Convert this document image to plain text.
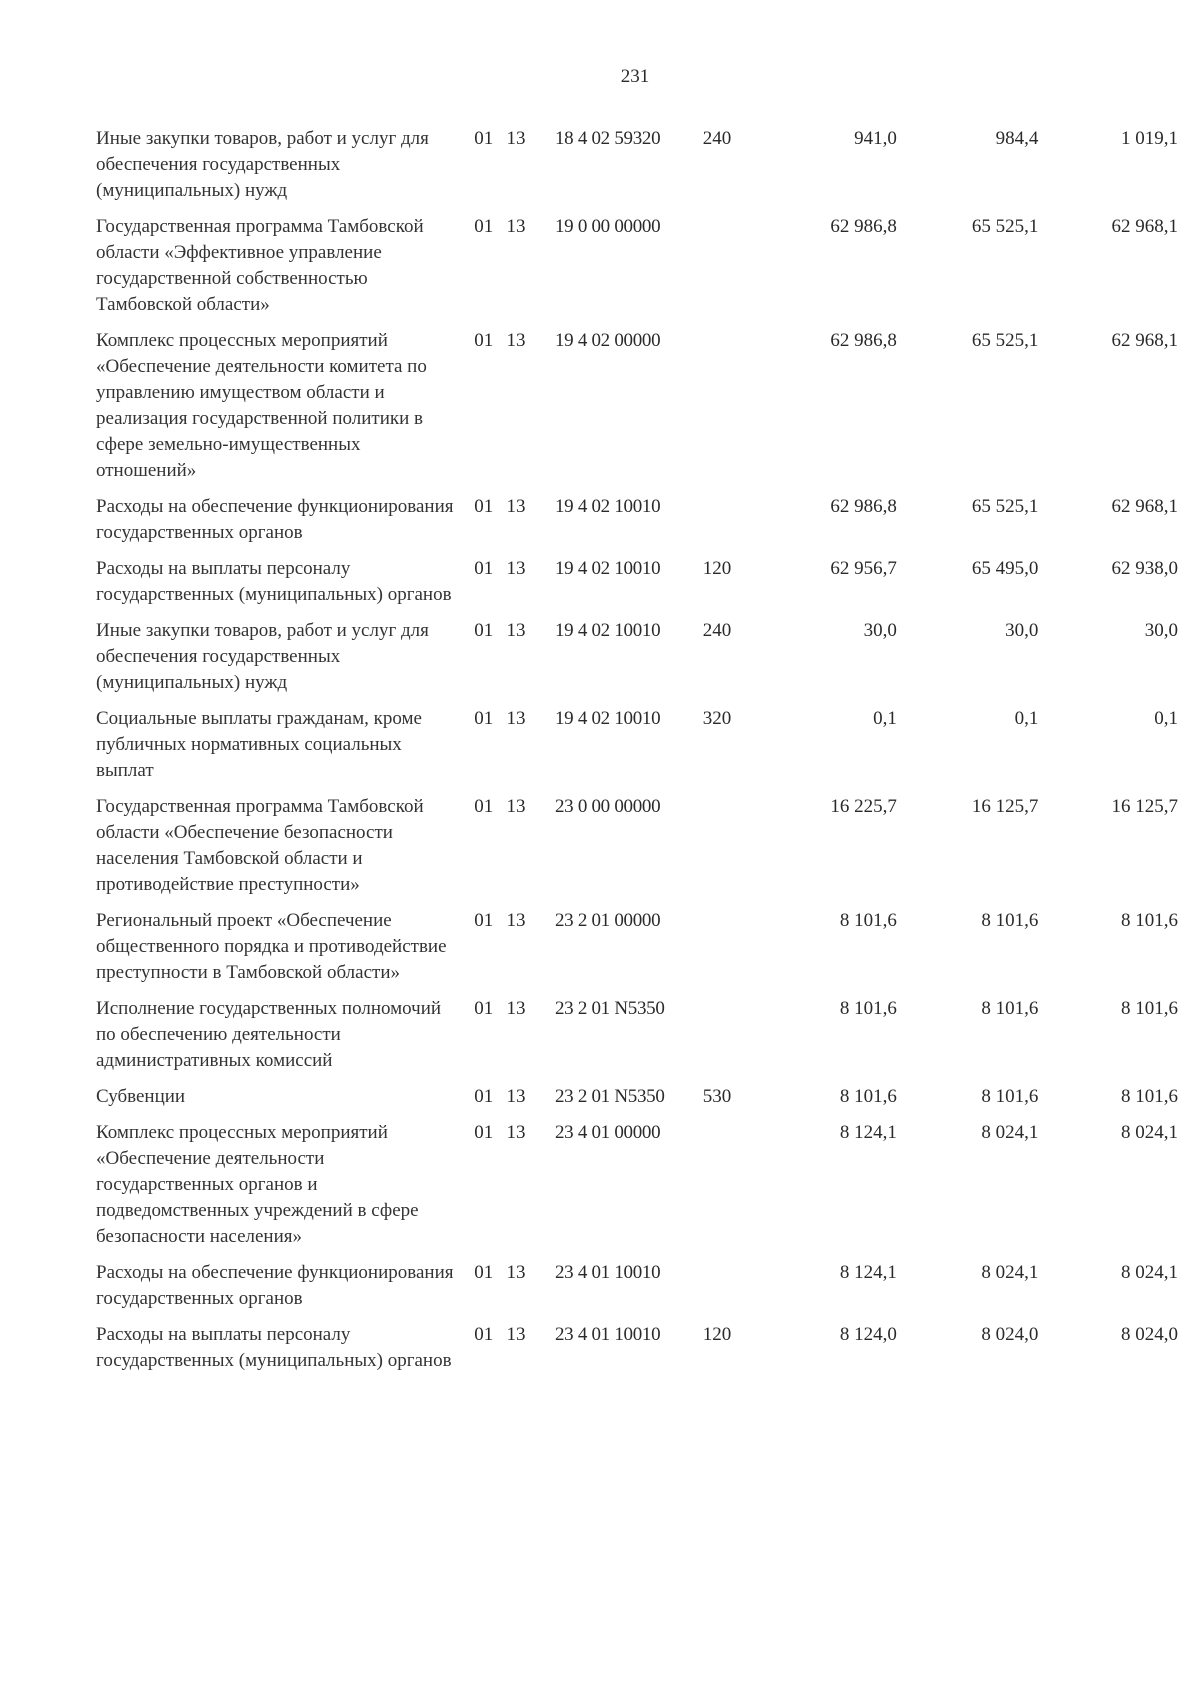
231
Иные закупки товаров, работ и услуг для обеспечения государственных (муниципальных) нужд	01	13	18 4 02 59320	240	941,0	984,4	1 019,1
Государственная программа Тамбовской области «Эффективное управление государственной собственностью Тамбовской области»	01	13	19 0 00 00000		62 986,8	65 525,1	62 968,1
Комплекс процессных мероприятий «Обеспечение деятельности комитета по управлению имуществом области и реализация государственной политики в сфере земельно-имущественных отношений»	01	13	19 4 02 00000		62 986,8	65 525,1	62 968,1
Расходы на обеспечение функционирования государственных органов	01	13	19 4 02 10010		62 986,8	65 525,1	62 968,1
Расходы на выплаты персоналу государственных (муниципальных) органов	01	13	19 4 02 10010	120	62 956,7	65 495,0	62 938,0
Иные закупки товаров, работ и услуг для обеспечения государственных (муниципальных) нужд	01	13	19 4 02 10010	240	30,0	30,0	30,0
Социальные выплаты гражданам, кроме публичных нормативных социальных выплат	01	13	19 4 02 10010	320	0,1	0,1	0,1
Государственная программа Тамбовской области «Обеспечение безопасности населения Тамбовской области и противодействие преступности»	01	13	23 0 00 00000		16 225,7	16 125,7	16 125,7
Региональный проект «Обеспечение общественного порядка и противодействие преступности в Тамбовской области»	01	13	23 2 01 00000		8 101,6	8 101,6	8 101,6
Исполнение государственных полномочий по обеспечению деятельности административных комиссий	01	13	23 2 01 N5350		8 101,6	8 101,6	8 101,6
Субвенции	01	13	23 2 01 N5350	530	8 101,6	8 101,6	8 101,6
Комплекс процессных мероприятий «Обеспечение деятельности государственных органов и подведомственных учреждений в сфере безопасности населения»	01	13	23 4 01 00000		8 124,1	8 024,1	8 024,1
Расходы на обеспечение функционирования государственных органов	01	13	23 4 01 10010		8 124,1	8 024,1	8 024,1
Расходы на выплаты персоналу государственных (муниципальных) органов	01	13	23 4 01 10010	120	8 124,0	8 024,0	8 024,0
